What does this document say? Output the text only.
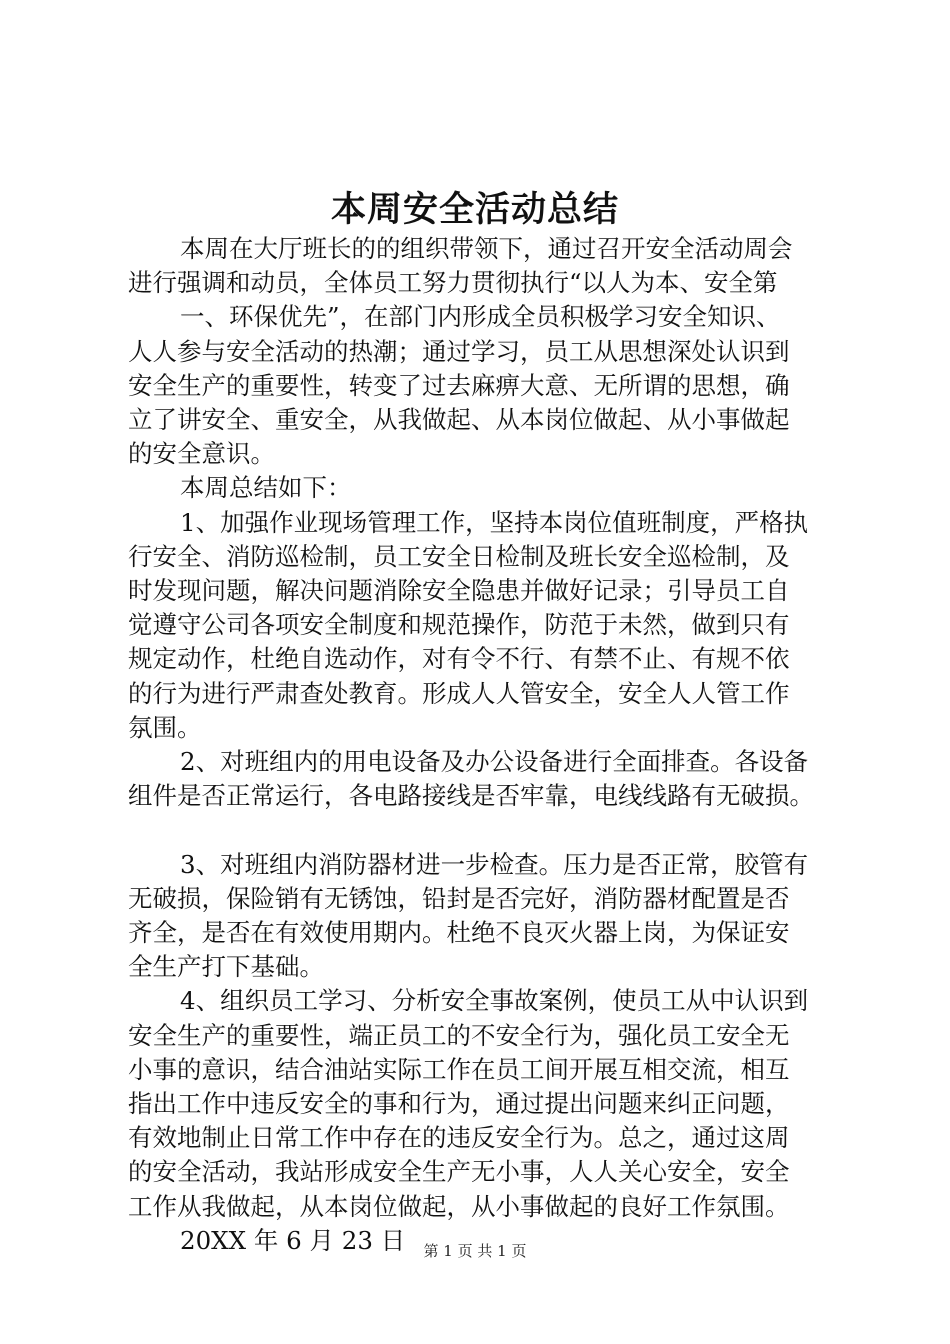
本周安全活动总结

本周在大厅班长的的组织带领下，通过召开安全活动周会

进行强调和动员，全体员工努力贯彻执行“以人为本、安全第

一、环保优先”，在部门内形成全员积极学习安全知识、

人人参与安全活动的热潮；通过学习，员工从思想深处认识到

安全生产的重要性，转变了过去麻痹大意、无所谓的思想，确

立了讲安全、重安全，从我做起、从本岗位做起、从小事做起

的安全意识。

本周总结如下：

1、加强作业现场管理工作，坚持本岗位值班制度，严格执

行安全、消防巡检制，员工安全日检制及班长安全巡检制，及

时发现问题，解决问题消除安全隐患并做好记录；引导员工自

觉遵守公司各项安全制度和规范操作，防范于未然，做到只有

规定动作，杜绝自选动作，对有令不行、有禁不止、有规不依

的行为进行严肃查处教育。形成人人管安全，安全人人管工作

氛围。

2、对班组内的用电设备及办公设备进行全面排查。各设备

组件是否正常运行，各电路接线是否牢靠，电线线路有无破损。

3、对班组内消防器材进一步检查。压力是否正常，胶管有

无破损，保险销有无锈蚀，铅封是否完好，消防器材配置是否

齐全，是否在有效使用期内。杜绝不良灭火器上岗，为保证安

全生产打下基础。

4、组织员工学习、分析安全事故案例，使员工从中认识到

安全生产的重要性，端正员工的不安全行为，强化员工安全无

小事的意识，结合油站实际工作在员工间开展互相交流，相互

指出工作中违反安全的事和行为，通过提出问题来纠正问题，

有效地制止日常工作中存在的违反安全行为。总之，通过这周

的安全活动，我站形成安全生产无小事，人人关心安全，安全

工作从我做起，从本岗位做起，从小事做起的良好工作氛围。

20XX 年 6 月 23 日	第 1 页 共 1 页
